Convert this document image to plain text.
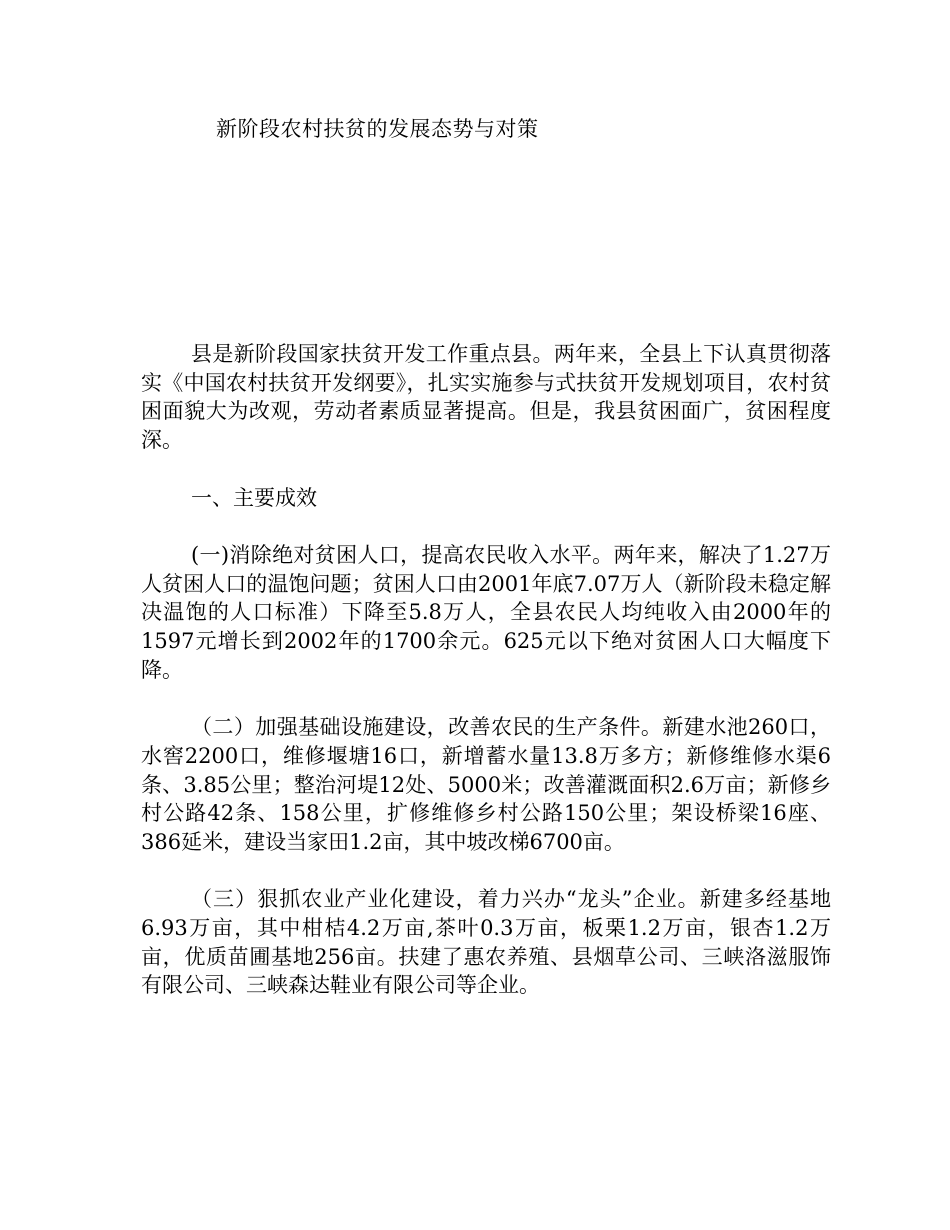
新阶段农村扶贫的发展态势与对策

县是新阶段国家扶贫开发工作重点县。两年来，全县上下认真贯彻落实《中国农村扶贫开发纲要》，扎实实施参与式扶贫开发规划项目，农村贫困面貌大为改观，劳动者素质显著提高。但是，我县贫困面广，贫困程度深。

一、主要成效

(一)消除绝对贫困人口，提高农民收入水平。两年来，解决了1.27万人贫困人口的温饱问题；贫困人口由2001年底7.07万人（新阶段未稳定解决温饱的人口标准）下降至5.8万人，全县农民人均纯收入由2000年的1597元增长到2002年的1700余元。625元以下绝对贫困人口大幅度下降。

（二）加强基础设施建设，改善农民的生产条件。新建水池260口，水窖2200口，维修堰塘16口，新增蓄水量13.8万多方；新修维修水渠6条、3.85公里；整治河堤12处、5000米；改善灌溉面积2.6万亩；新修乡村公路42条、158公里，扩修维修乡村公路150公里；架设桥梁16座、386延米，建设当家田1.2亩，其中坡改梯6700亩。

（三）狠抓农业产业化建设，着力兴办“龙头”企业。新建多经基地6.93万亩，其中柑桔4.2万亩,茶叶0.3万亩，板栗1.2万亩，银杏1.2万亩，优质苗圃基地256亩。扶建了惠农养殖、县烟草公司、三峡洛滋服饰有限公司、三峡森达鞋业有限公司等企业。
